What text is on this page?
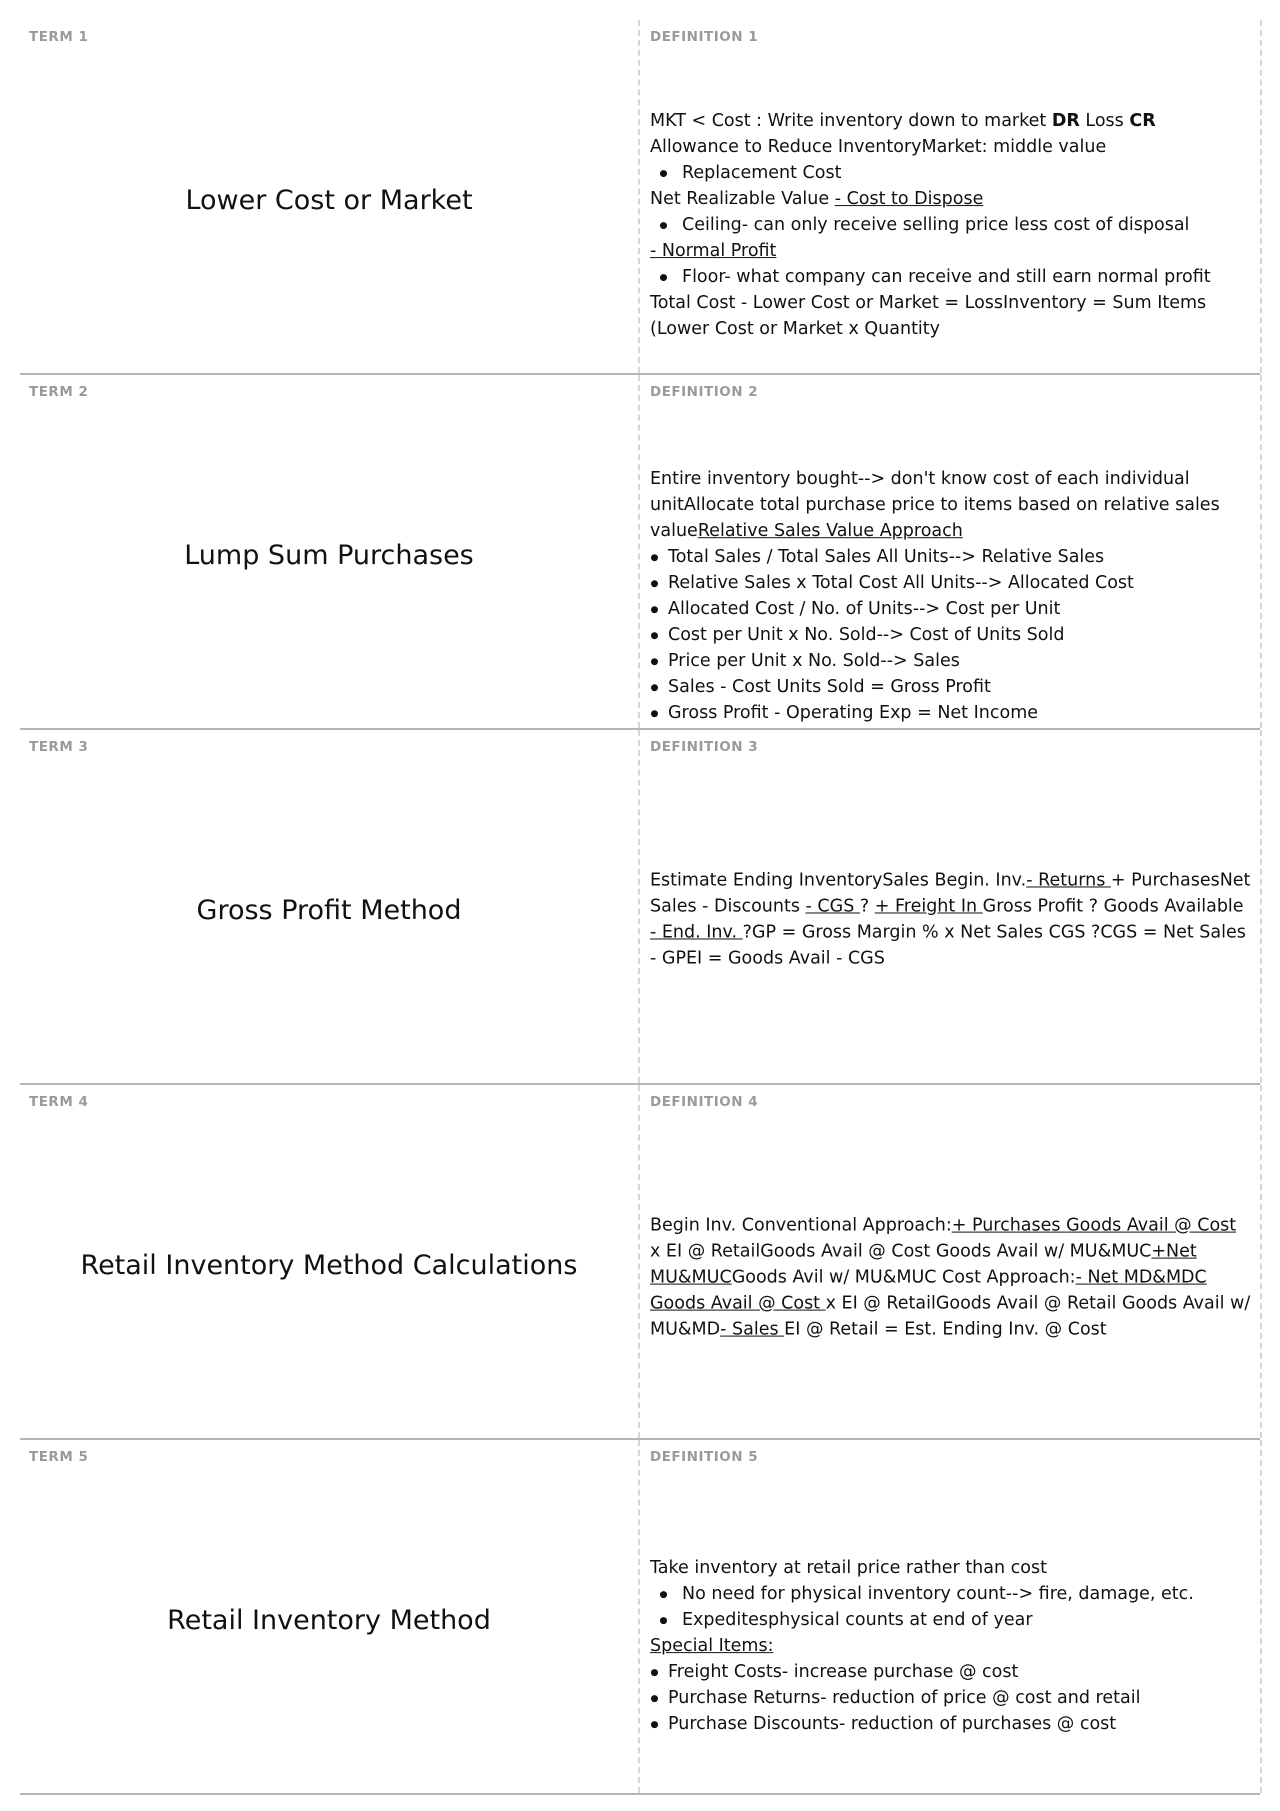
TERM 1
Lower Cost or Market
DEFINITION 1

MKT < Cost : Write inventory down to market DR Loss CR

Allowance to Reduce InventoryMarket: middle value

Replacement Cost

Net Realizable Value - Cost to Dispose

Ceiling- can only receive selling price less cost of disposal

- Normal Profit

Floor- what company can receive and still earn normal profit

Total Cost - Lower Cost or Market = LossInventory = Sum Items (Lower Cost or Market x Quantity

TERM 2
Lump Sum Purchases
DEFINITION 2

Entire inventory bought--> don't know cost of each individual unitAllocate total purchase price to items based on relative sales valueRelative Sales Value Approach

Total Sales / Total Sales All Units--> Relative Sales
Relative Sales x Total Cost All Units--> Allocated Cost
Allocated Cost / No. of Units--> Cost per Unit
Cost per Unit x No. Sold--> Cost of Units Sold
Price per Unit x No. Sold--> Sales
Sales - Cost Units Sold = Gross Profit
Gross Profit - Operating Exp = Net Income
TERM 3
Gross Profit Method
DEFINITION 3

Estimate Ending InventorySales Begin. Inv.- Returns + PurchasesNet Sales - Discounts - CGS ? + Freight In Gross Profit ? Goods Available - End. Inv. ?GP = Gross Margin % x Net Sales CGS ?CGS = Net Sales - GPEI = Goods Avail - CGS

TERM 4
Retail Inventory Method Calculations
DEFINITION 4

Begin Inv. Conventional Approach:+ Purchases Goods Avail @ Cost x EI @ RetailGoods Avail @ Cost Goods Avail w/ MU&MUC+Net MU&MUCGoods Avil w/ MU&MUC Cost Approach:- Net MD&MDC Goods Avail @ Cost x EI @ RetailGoods Avail @ Retail Goods Avail w/ MU&MD- Sales EI @ Retail = Est. Ending Inv. @ Cost

TERM 5
Retail Inventory Method
DEFINITION 5

Take inventory at retail price rather than cost

No need for physical inventory count--> fire, damage, etc.
Expeditesphysical counts at end of year

Special Items:

Freight Costs- increase purchase @ cost
Purchase Returns- reduction of price @ cost and retail
Purchase Discounts- reduction of purchases @ cost
